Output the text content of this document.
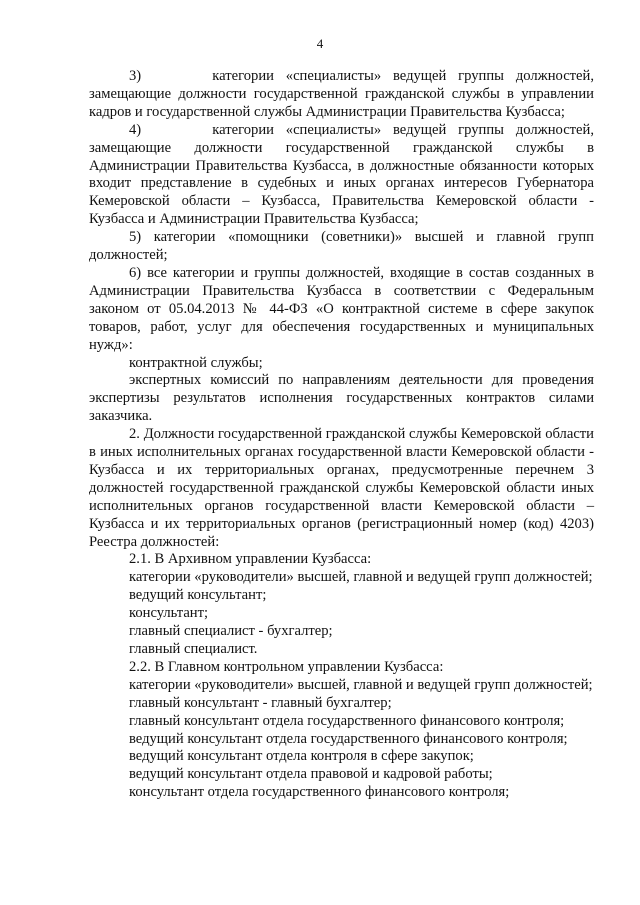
4

3)      категории «специалисты» ведущей группы должностей, замещающие должности государственной гражданской службы в управлении кадров и государственной службы Администрации Правительства Кузбасса;

4)      категории «специалисты» ведущей группы должностей, замещающие должности государственной гражданской службы в Администрации Правительства Кузбасса, в должностные обязанности которых входит представление в судебных и иных органах интересов Губернатора Кемеровской области – Кузбасса, Правительства Кемеровской области - Кузбасса и Администрации Правительства Кузбасса;

5) категории «помощники (советники)» высшей и главной групп должностей;

6) все категории и группы должностей, входящие в состав созданных в Администрации Правительства Кузбасса в соответствии с Федеральным законом от 05.04.2013 № 44-ФЗ «О контрактной системе в сфере закупок товаров, работ, услуг для обеспечения государственных и муниципальных нужд»:

контрактной службы;

экспертных комиссий по направлениям деятельности для проведения экспертизы результатов исполнения государственных контрактов силами заказчика.

2. Должности государственной гражданской службы Кемеровской области в иных исполнительных органах государственной власти Кемеровской области - Кузбасса и их территориальных органах, предусмотренные перечнем 3 должностей государственной гражданской службы Кемеровской области иных исполнительных органов государственной власти Кемеровской области – Кузбасса и их территориальных органов (регистрационный номер (код) 4203) Реестра должностей:

2.1. В Архивном управлении Кузбасса:

категории «руководители» высшей, главной и ведущей групп должностей;

ведущий консультант;

консультант;

главный специалист - бухгалтер;

главный специалист.

2.2. В Главном контрольном управлении Кузбасса:

категории «руководители» высшей, главной и ведущей групп должностей;

главный консультант - главный бухгалтер;

главный консультант отдела государственного финансового контроля;

ведущий консультант отдела государственного финансового контроля;

ведущий консультант отдела контроля в сфере закупок;

ведущий консультант отдела правовой и кадровой работы;

консультант отдела государственного финансового контроля;
